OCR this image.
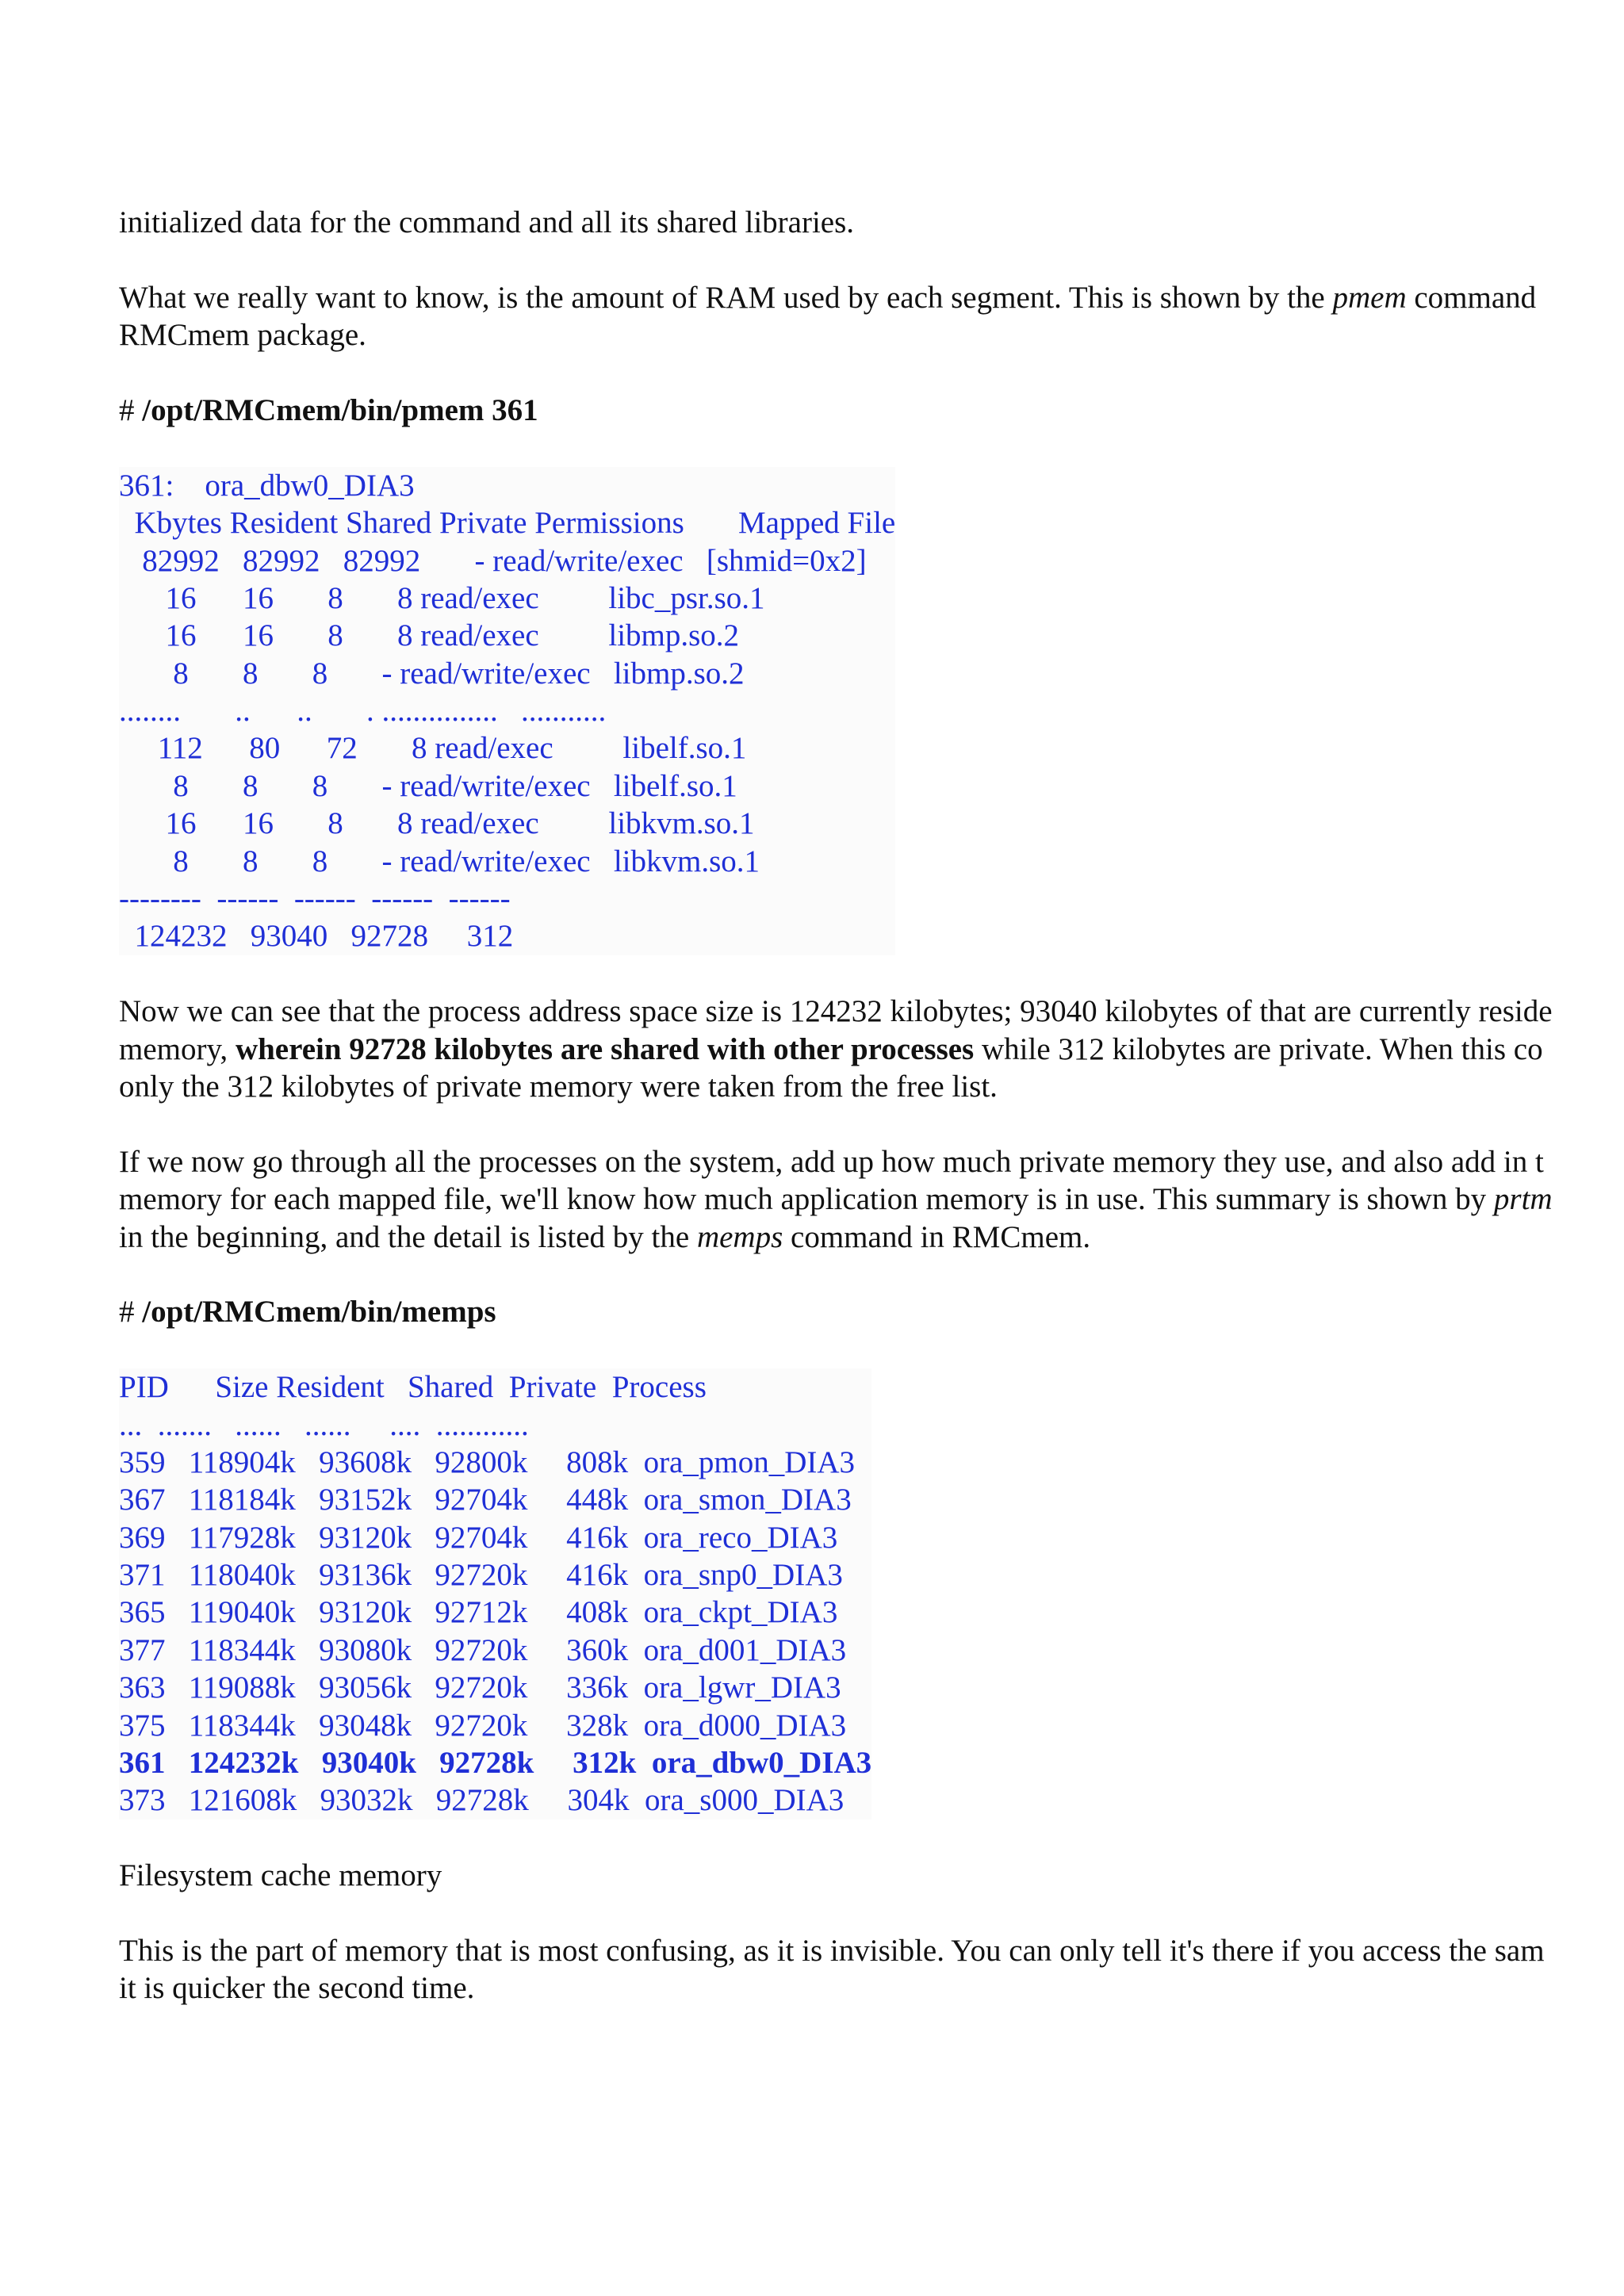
initialized data for the command and all its shared libraries.
What we really want to know, is the amount of RAM used by each segment. This is shown by the pmem command
RMCmem package.
# /opt/RMCmem/bin/pmem 361
361:    ora_dbw0_DIA3
Kbytes Resident Shared Private Permissions       Mapped File
82992   82992   82992       - read/write/exec   [shmid=0x2]
16      16       8       8 read/exec         libc_psr.so.1
16      16       8       8 read/exec         libmp.so.2
8       8       8       - read/write/exec   libmp.so.2
........       ..      ..       . ...............   ...........
112      80      72       8 read/exec         libelf.so.1
8       8       8       - read/write/exec   libelf.so.1
16      16       8       8 read/exec         libkvm.so.1
8       8       8       - read/write/exec   libkvm.so.1
--------  ------  ------  ------  ------
124232   93040   92728     312
Now we can see that the process address space size is 124232 kilobytes; 93040 kilobytes of that are currently reside
memory, wherein 92728 kilobytes are shared with other processes while 312 kilobytes are private. When this co
only the 312 kilobytes of private memory were taken from the free list.
If we now go through all the processes on the system, add up how much private memory they use, and also add in t
memory for each mapped file, we'll know how much application memory is in use. This summary is shown by prtm
in the beginning, and the detail is listed by the memps command in RMCmem.
# /opt/RMCmem/bin/memps
PID      Size Resident   Shared  Private  Process
...  .......   ......   ......     ....  ............
359   118904k   93608k   92800k     808k  ora_pmon_DIA3
367   118184k   93152k   92704k     448k  ora_smon_DIA3
369   117928k   93120k   92704k     416k  ora_reco_DIA3
371   118040k   93136k   92720k     416k  ora_snp0_DIA3
365   119040k   93120k   92712k     408k  ora_ckpt_DIA3
377   118344k   93080k   92720k     360k  ora_d001_DIA3
363   119088k   93056k   92720k     336k  ora_lgwr_DIA3
375   118344k   93048k   92720k     328k  ora_d000_DIA3
361   124232k   93040k   92728k     312k  ora_dbw0_DIA3
373   121608k   93032k   92728k     304k  ora_s000_DIA3
Filesystem cache memory
This is the part of memory that is most confusing, as it is invisible. You can only tell it's there if you access the sam
it is quicker the second time.
